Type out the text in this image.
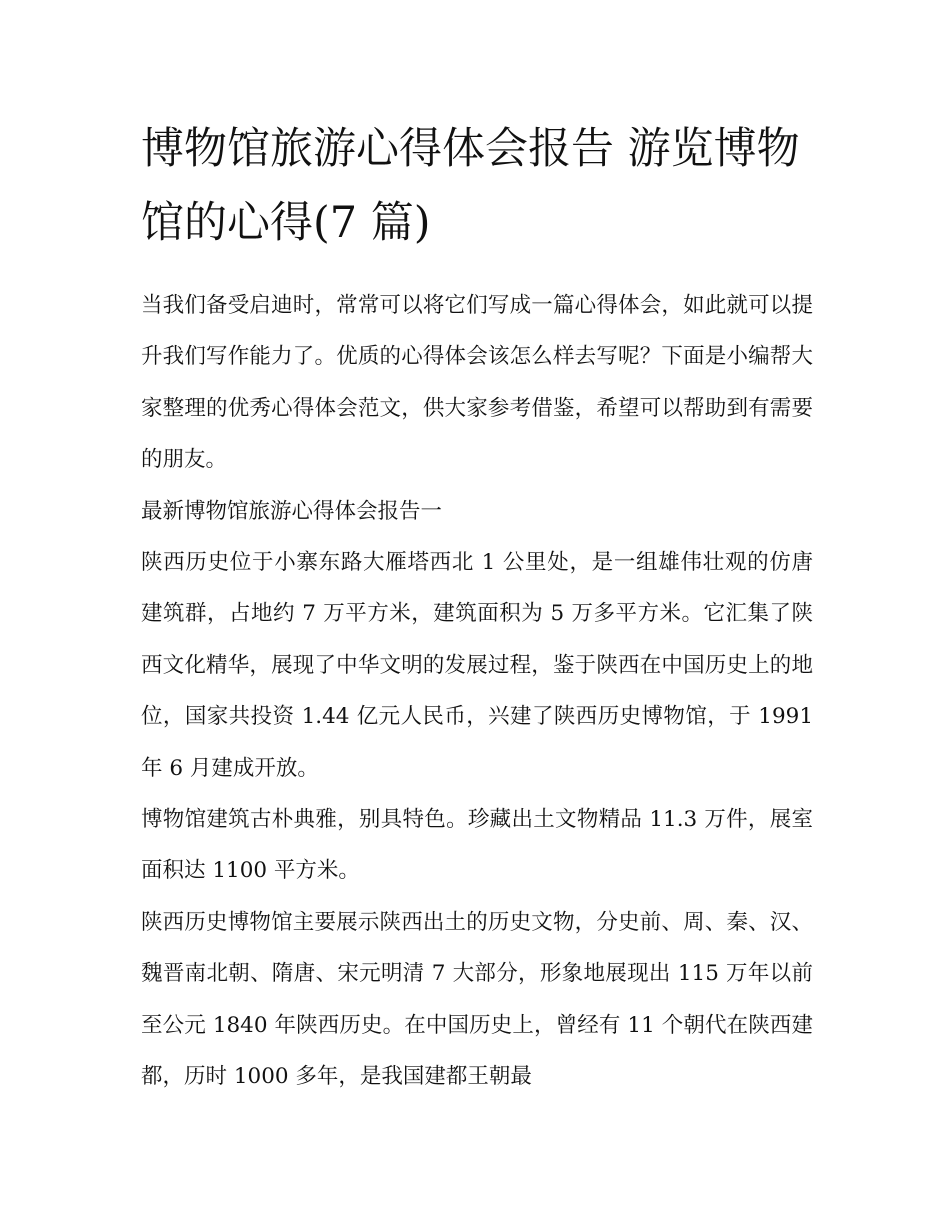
博物馆旅游心得体会报告 游览博物馆的心得(7 篇)

当我们备受启迪时，常常可以将它们写成一篇心得体会，如此就可以提升我们写作能力了。优质的心得体会该怎么样去写呢？下面是小编帮大家整理的优秀心得体会范文，供大家参考借鉴，希望可以帮助到有需要的朋友。

最新博物馆旅游心得体会报告一

陕西历史位于小寨东路大雁塔西北 1 公里处，是一组雄伟壮观的仿唐建筑群，占地约 7 万平方米，建筑面积为 5 万多平方米。它汇集了陕西文化精华，展现了中华文明的发展过程，鉴于陕西在中国历史上的地位，国家共投资 1.44 亿元人民币，兴建了陕西历史博物馆，于 1991 年 6 月建成开放。

博物馆建筑古朴典雅，别具特色。珍藏出土文物精品 11.3 万件，展室面积达 1100 平方米。

陕西历史博物馆主要展示陕西出土的历史文物，分史前、周、秦、汉、魏晋南北朝、隋唐、宋元明清 7 大部分，形象地展现出 115 万年以前至公元 1840 年陕西历史。在中国历史上，曾经有 11 个朝代在陕西建都，历时 1000 多年，是我国建都王朝最
